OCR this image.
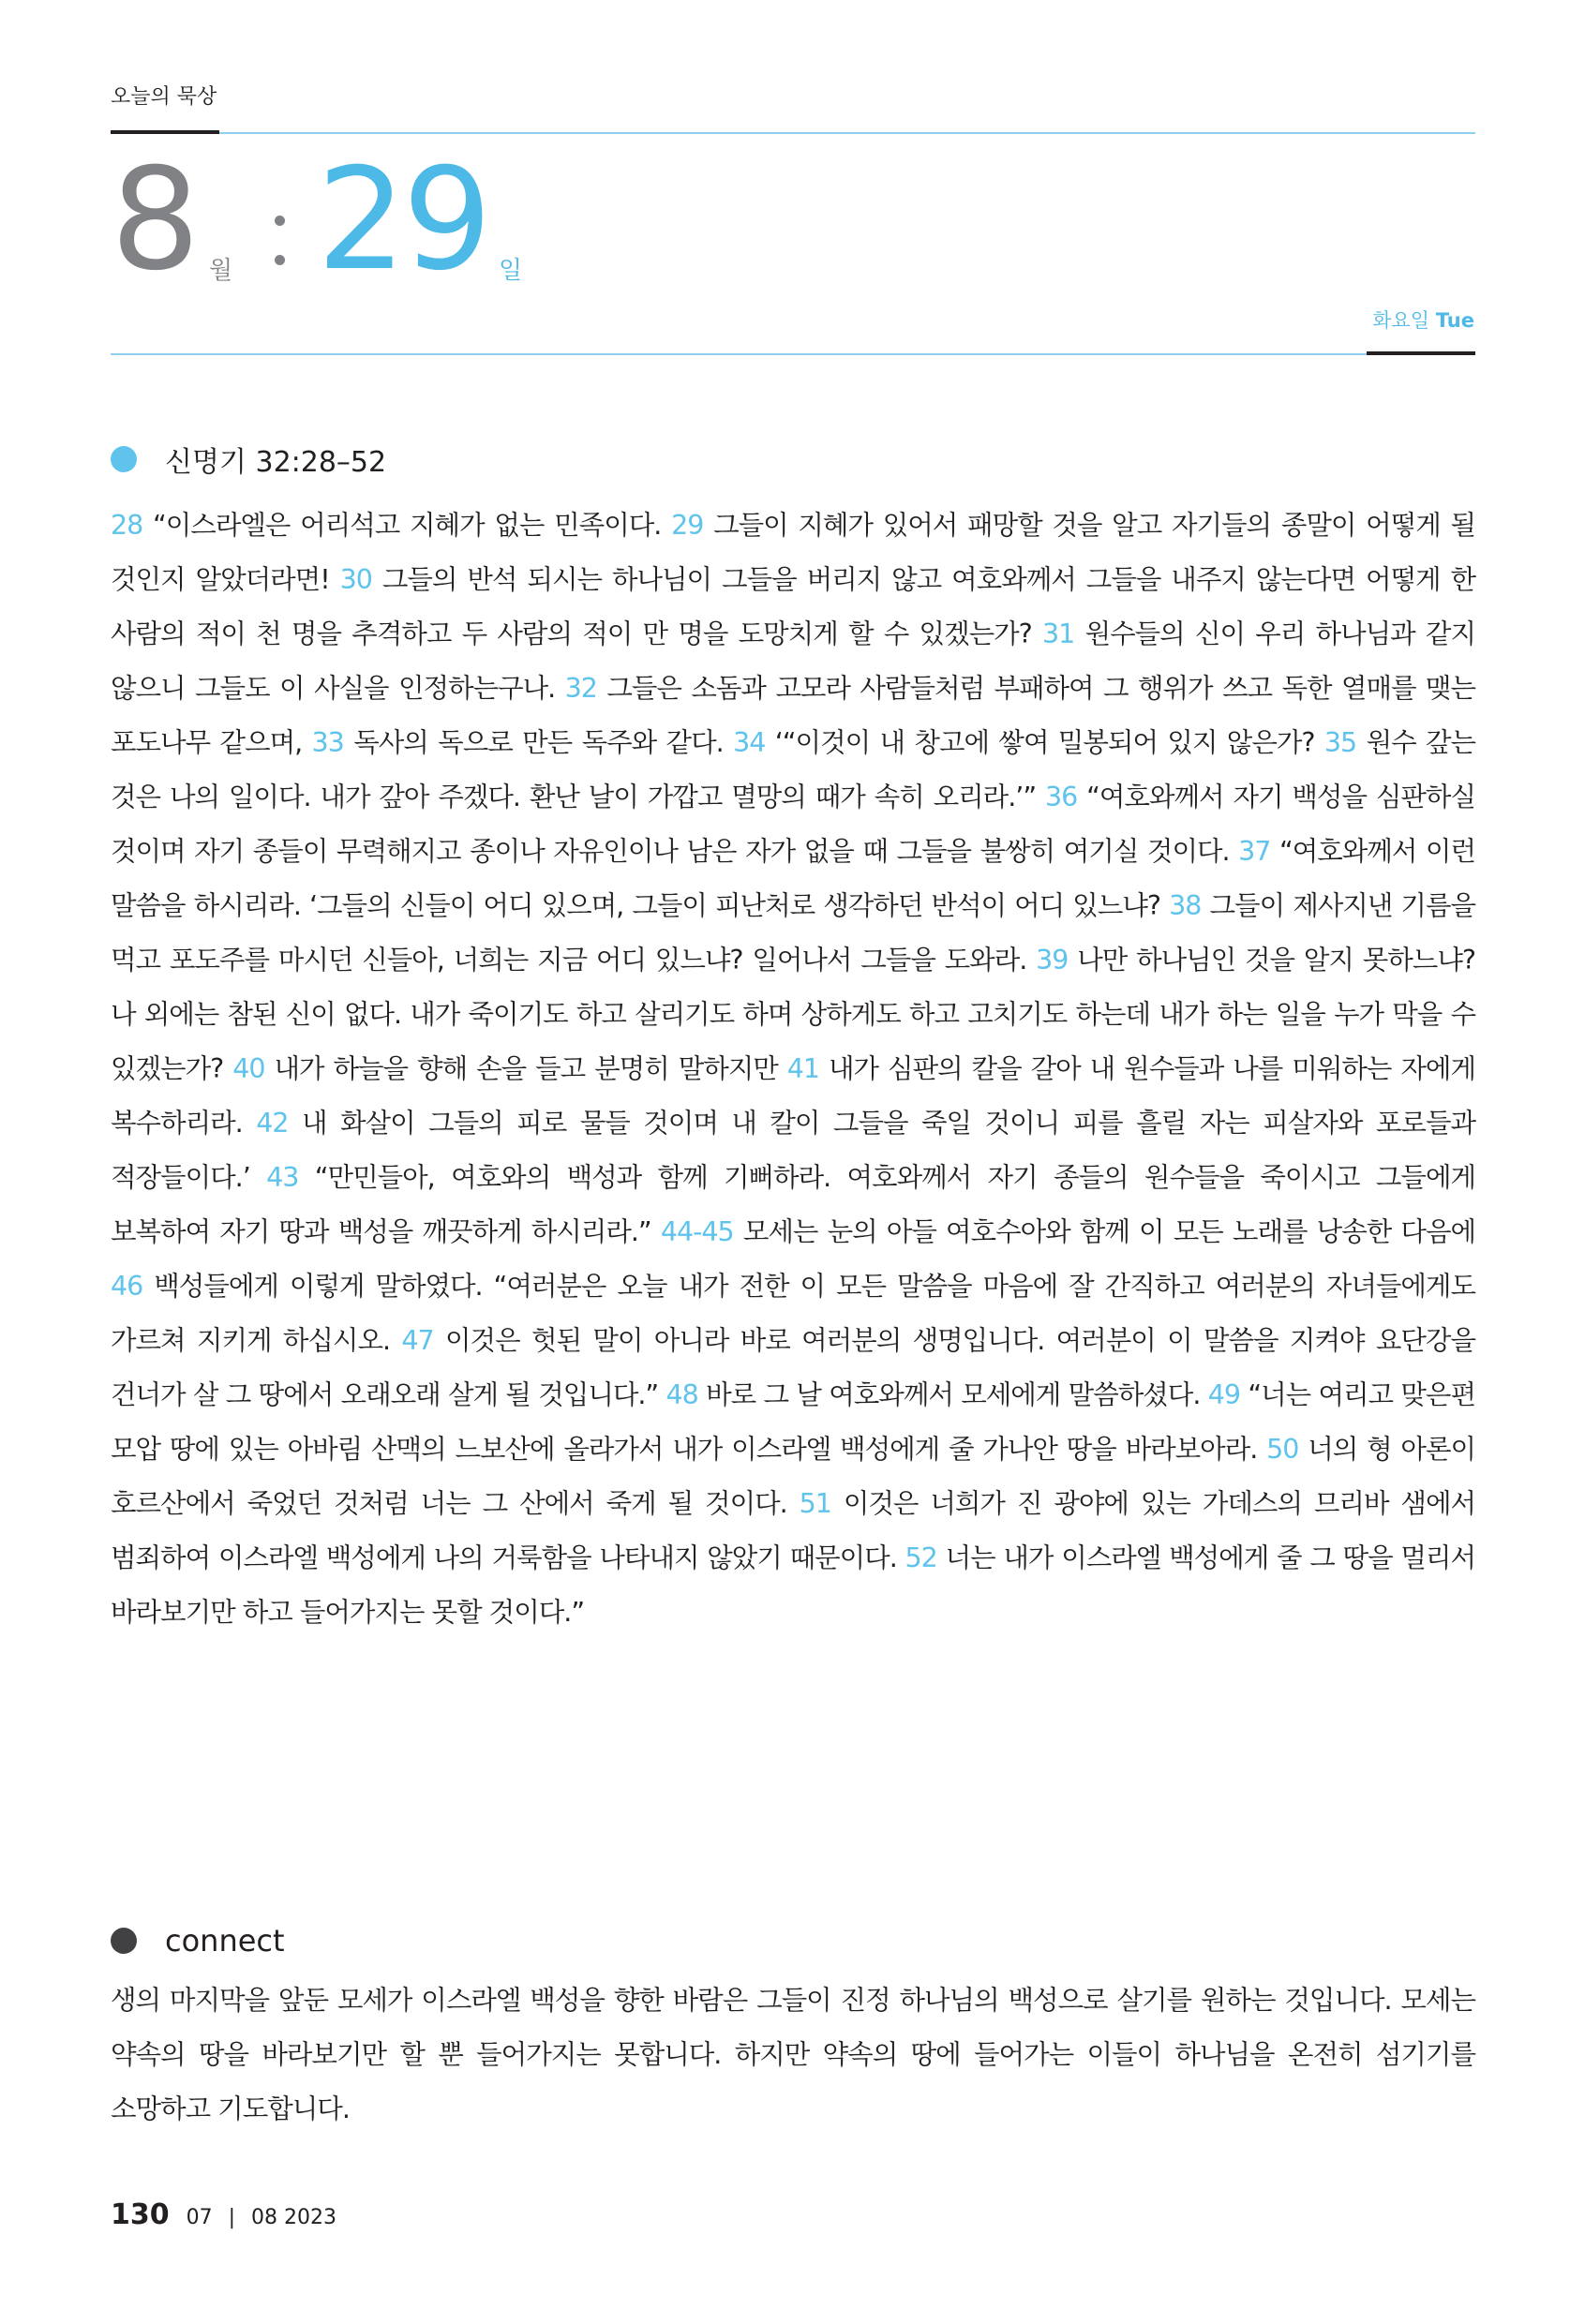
오늘의 묵상
8 월 29 일
화요일 Tue
신명기 32:28–52
28 “이스라엘은 어리석고 지혜가 없는 민족이다. 29 그들이 지혜가 있어서 패망할 것을 알고 자기들의 종말이 어떻게 될 것인지 알았더라면! 30 그들의 반석 되시는 하나님이 그들을 버리지 않고 여호와께서 그들을 내주지 않는다면 어떻게 한 사람의 적이 천 명을 추격하고 두 사람의 적이 만 명을 도망치게 할 수 있겠는가? 31 원수들의 신이 우리 하나님과 같지 않으니 그들도 이 사실을 인정하는구나. 32 그들은 소돔과 고모라 사람들처럼 부패하여 그 행위가 쓰고 독한 열매를 맺는 포도나무 같으며, 33 독사의 독으로 만든 독주와 같다. 34 ‘“이것이 내 창고에 쌓여 밀봉되어 있지 않은가? 35 원수 갚는 것은 나의 일이다. 내가 갚아 주겠다. 환난 날이 가깝고 멸망의 때가 속히 오리라.’” 36 “여호와께서 자기 백성을 심판하실 것이며 자기 종들이 무력해지고 종이나 자유인이나 남은 자가 없을 때 그들을 불쌍히 여기실 것이다. 37 “여호와께서 이런 말씀을 하시리라. ‘그들의 신들이 어디 있으며, 그들이 피난처로 생각하던 반석이 어디 있느냐? 38 그들이 제사지낸 기름을 먹고 포도주를 마시던 신들아, 너희는 지금 어디 있느냐? 일어나서 그들을 도와라. 39 나만 하나님인 것을 알지 못하느냐? 나 외에는 참된 신이 없다. 내가 죽이기도 하고 살리기도 하며 상하게도 하고 고치기도 하는데 내가 하는 일을 누가 막을 수 있겠는가? 40 내가 하늘을 향해 손을 들고 분명히 말하지만 41 내가 심판의 칼을 갈아 내 원수들과 나를 미워하는 자에게 복수하리라. 42 내 화살이 그들의 피로 물들 것이며 내 칼이 그들을 죽일 것이니 피를 흘릴 자는 피살자와 포로들과 적장들이다.’ 43 “만민들아, 여호와의 백성과 함께 기뻐하라. 여호와께서 자기 종들의 원수들을 죽이시고 그들에게 보복하여 자기 땅과 백성을 깨끗하게 하시리라.” 44-45 모세는 눈의 아들 여호수아와 함께 이 모든 노래를 낭송한 다음에 46 백성들에게 이렇게 말하였다. “여러분은 오늘 내가 전한 이 모든 말씀을 마음에 잘 간직하고 여러분의 자녀들에게도 가르쳐 지키게 하십시오. 47 이것은 헛된 말이 아니라 바로 여러분의 생명입니다. 여러분이 이 말씀을 지켜야 요단강을 건너가 살 그 땅에서 오래오래 살게 될 것입니다.” 48 바로 그 날 여호와께서 모세에게 말씀하셨다. 49 “너는 여리고 맞은편 모압 땅에 있는 아바림 산맥의 느보산에 올라가서 내가 이스라엘 백성에게 줄 가나안 땅을 바라보아라. 50 너의 형 아론이 호르산에서 죽었던 것처럼 너는 그 산에서 죽게 될 것이다. 51 이것은 너희가 진 광야에 있는 가데스의 므리바 샘에서 범죄하여 이스라엘 백성에게 나의 거룩함을 나타내지 않았기 때문이다. 52 너는 내가 이스라엘 백성에게 줄 그 땅을 멀리서 바라보기만 하고 들어가지는 못할 것이다.”
connect
생의 마지막을 앞둔 모세가 이스라엘 백성을 향한 바람은 그들이 진정 하나님의 백성으로 살기를 원하는 것입니다. 모세는 약속의 땅을 바라보기만 할 뿐 들어가지는 못합니다. 하지만 약속의 땅에 들어가는 이들이 하나님을 온전히 섬기기를 소망하고 기도합니다.
130 07 | 08 2023
